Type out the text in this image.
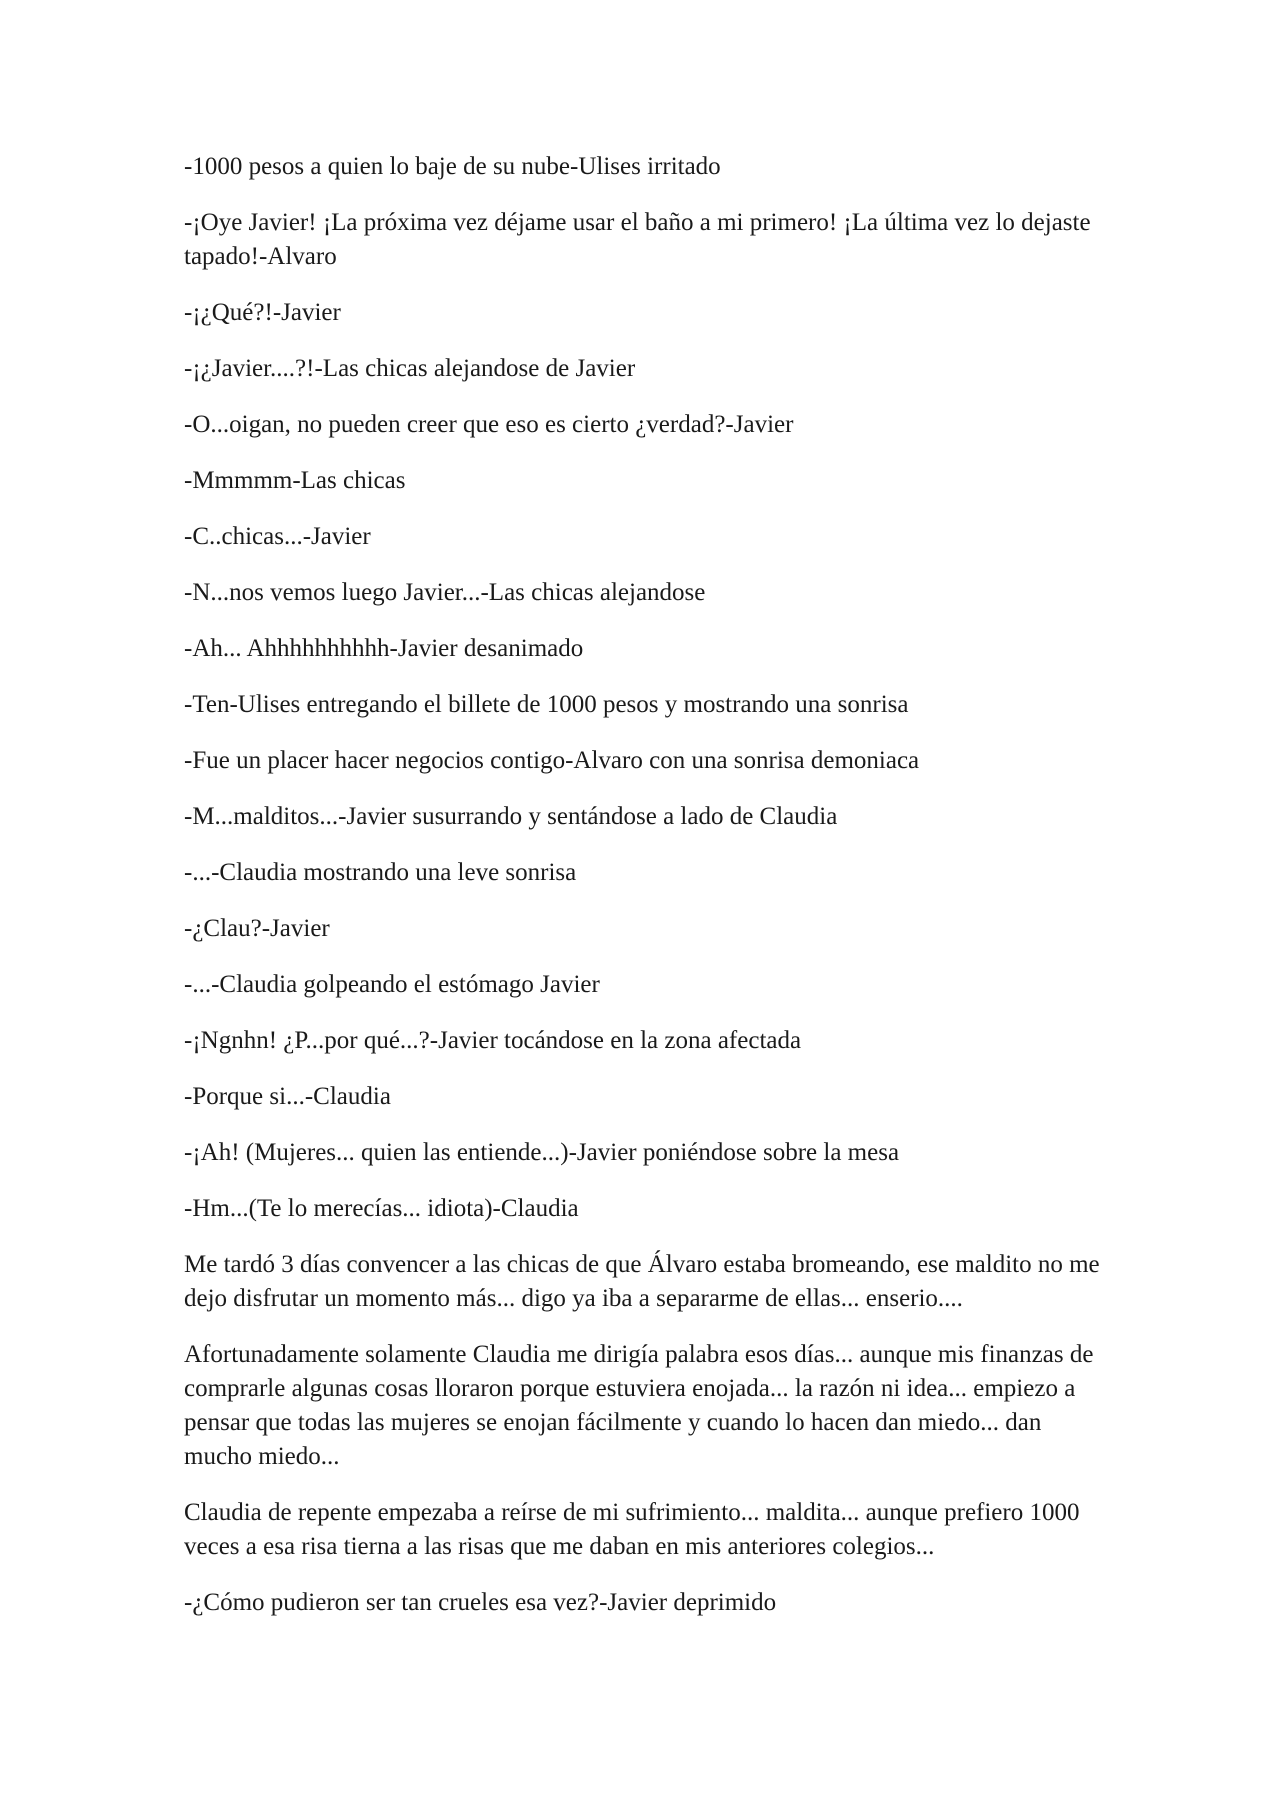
-1000 pesos a quien lo baje de su nube-Ulises irritado

-¡Oye Javier! ¡La próxima vez déjame usar el baño a mi primero! ¡La última vez lo dejaste tapado!-Alvaro

-¡¿Qué?!-Javier

-¡¿Javier....?!-Las chicas alejandose de Javier

-O...oigan, no pueden creer que eso es cierto ¿verdad?-Javier

-Mmmmm-Las chicas

-C..chicas...-Javier

-N...nos vemos luego Javier...-Las chicas alejandose

-Ah... Ahhhhhhhhhh-Javier desanimado

-Ten-Ulises entregando el billete de 1000 pesos y mostrando una sonrisa

-Fue un placer hacer negocios contigo-Alvaro con una sonrisa demoniaca

-M...malditos...-Javier susurrando y sentándose a lado de Claudia

-...-Claudia mostrando una leve sonrisa

-¿Clau?-Javier

-...-Claudia golpeando el estómago Javier

-¡Ngnhn! ¿P...por qué...?-Javier tocándose en la zona afectada

-Porque si...-Claudia

-¡Ah! (Mujeres... quien las entiende...)-Javier poniéndose sobre la mesa

-Hm...(Te lo merecías... idiota)-Claudia

Me tardó 3 días convencer a las chicas de que Álvaro estaba bromeando, ese maldito no me dejo disfrutar un momento más... digo ya iba a separarme de ellas... enserio....

Afortunadamente solamente Claudia me dirigía palabra esos días... aunque mis finanzas de comprarle algunas cosas lloraron porque estuviera enojada... la razón ni idea... empiezo a pensar que todas las mujeres se enojan fácilmente y cuando lo hacen dan miedo... dan mucho miedo...

Claudia de repente empezaba a reírse de mi sufrimiento... maldita... aunque prefiero 1000 veces a esa risa tierna a las risas que me daban en mis anteriores colegios...

-¿Cómo pudieron ser tan crueles esa vez?-Javier deprimido
